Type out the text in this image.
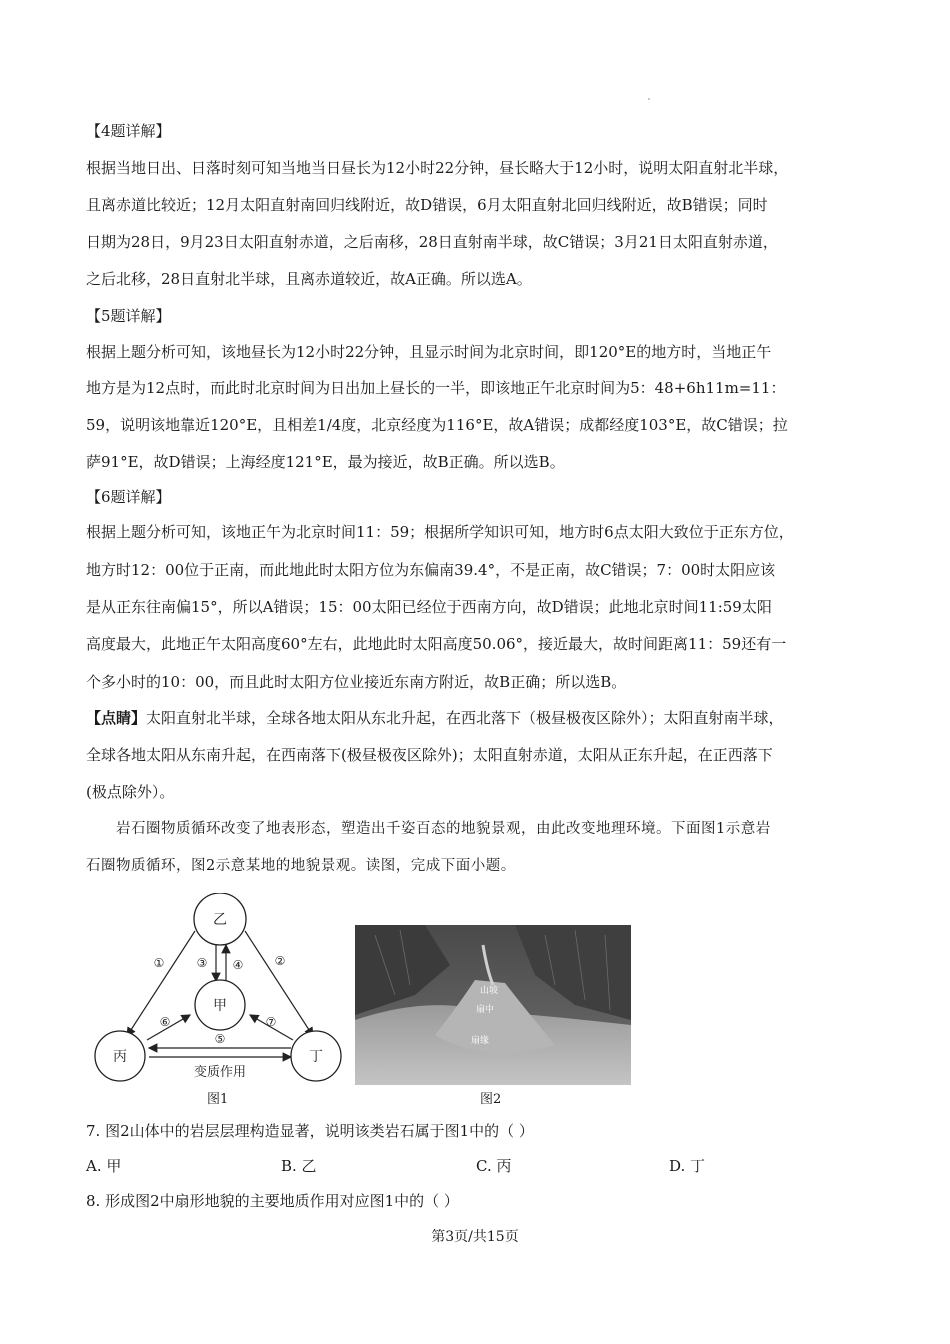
【4题详解】
根据当地日出、日落时刻可知当地当日昼长为12小时22分钟，昼长略大于12小时，说明太阳直射北半球，
且离赤道比较近；12月太阳直射南回归线附近，故D错误，6月太阳直射北回归线附近，故B错误；同时
日期为28日，9月23日太阳直射赤道，之后南移，28日直射南半球，故C错误；3月21日太阳直射赤道，
之后北移，28日直射北半球，且离赤道较近，故A正确。所以选A。
【5题详解】
根据上题分析可知，该地昼长为12小时22分钟，且显示时间为北京时间，即120°E的地方时，当地正午
地方是为12点时，而此时北京时间为日出加上昼长的一半，即该地正午北京时间为5：48+6h11m=11：
59，说明该地靠近120°E，且相差1/4度，北京经度为116°E，故A错误；成都经度103°E，故C错误；拉
萨91°E，故D错误；上海经度121°E，最为接近，故B正确。所以选B。
【6题详解】
根据上题分析可知，该地正午为北京时间11：59；根据所学知识可知，地方时6点太阳大致位于正东方位，
地方时12：00位于正南，而此地此时太阳方位为东偏南39.4°，不是正南，故C错误；7：00时太阳应该
是从正东往南偏15°，所以A错误；15：00太阳已经位于西南方向，故D错误；此地北京时间11:59太阳
高度最大，此地正午太阳高度60°左右，此地此时太阳高度50.06°，接近最大，故时间距离11：59还有一
个多小时的10：00，而且此时太阳方位业接近东南方附近，故B正确；所以选B。
【点睛】太阳直射北半球，全球各地太阳从东北升起，在西北落下（极昼极夜区除外）；太阳直射南半球，
全球各地太阳从东南升起，在西南落下(极昼极夜区除外)；太阳直射赤道，太阳从正东升起，在正西落下
(极点除外）。
岩石圈物质循环改变了地表形态，塑造出千姿百态的地貌景观，由此改变地理环境。下面图1示意岩
石圈物质循环，图2示意某地的地貌景观。读图，完成下面小题。
乙
甲
丙	丁
①	②
③ ④
⑤
⑥	⑦
变质作用
图1
山坡
扇中
扇缘
图2
7. 图2山体中的岩层层理构造显著，说明该类岩石属于图1中的（ ）
A. 甲	B. 乙	C. 丙	D. 丁
8. 形成图2中扇形地貌的主要地质作用对应图1中的（ ）
第3页/共15页
